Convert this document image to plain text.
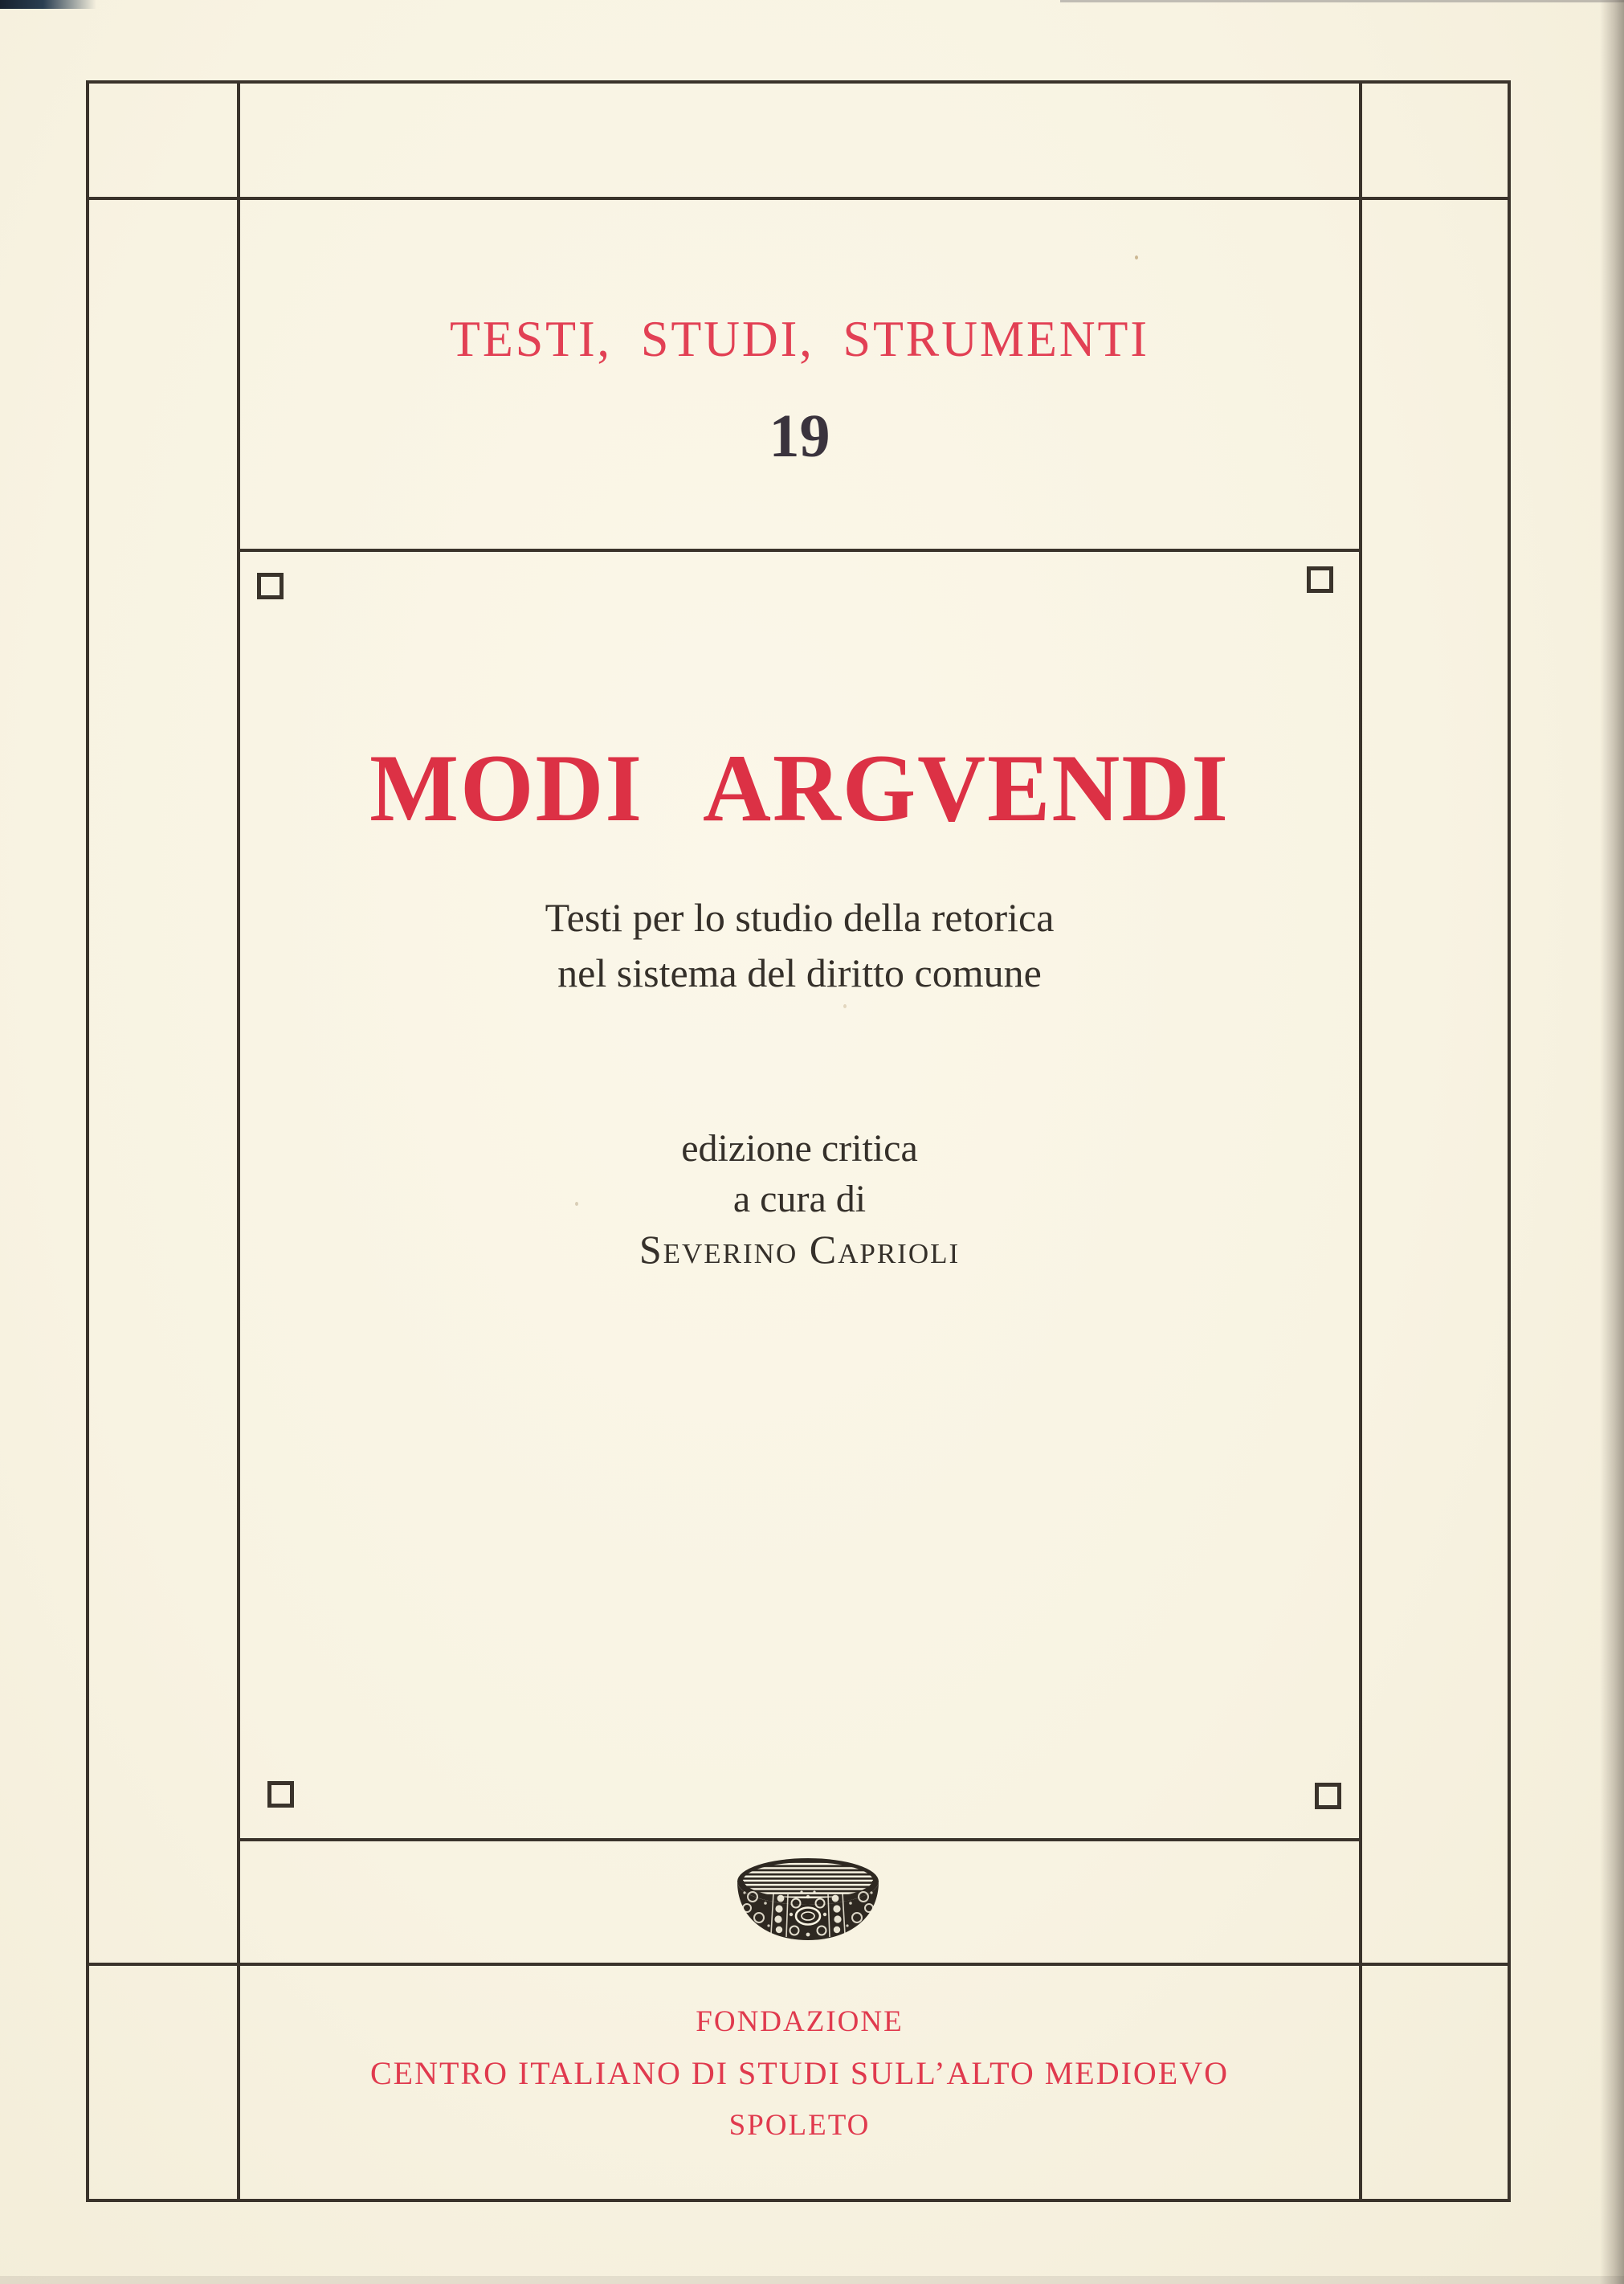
TESTI, STUDI, STRUMENTI
19
MODI ARGVENDI
Testi per lo studio della retorica
nel sistema del diritto comune
edizione critica
a cura di
Severino Caprioli
FONDAZIONE
CENTRO ITALIANO DI STUDI SULL’ALTO MEDIOEVO
SPOLETO
